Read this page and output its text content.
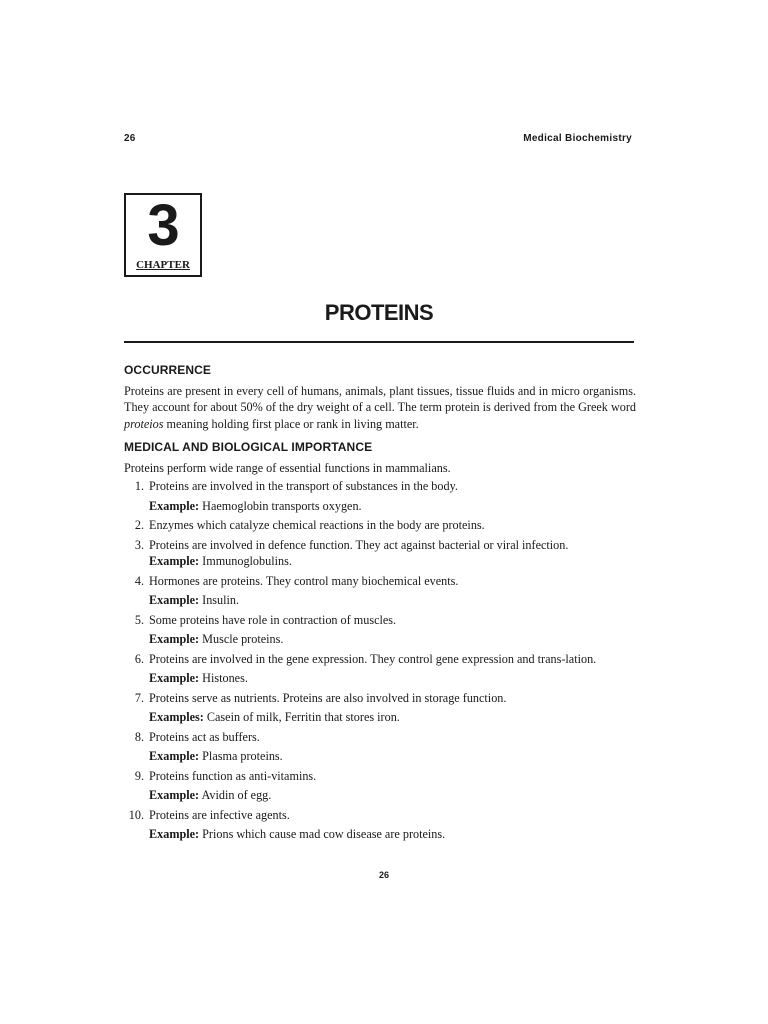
26	Medical Biochemistry
3
CHAPTER
PROTEINS
OCCURRENCE

Proteins are present in every cell of humans, animals, plant tissues, tissue fluids and in micro organisms. They account for about 50% of the dry weight of a cell. The term protein is derived from the Greek word proteios meaning holding first place or rank in living matter.

MEDICAL AND BIOLOGICAL IMPORTANCE

Proteins perform wide range of essential functions in mammalians.

1. Proteins are involved in the transport of substances in the body.
Example: Haemoglobin transports oxygen.
2. Enzymes which catalyze chemical reactions in the body are proteins.
3. Proteins are involved in defence function. They act against bacterial or viral infection.
Example: Immunoglobulins.
4. Hormones are proteins. They control many biochemical events.
Example: Insulin.
5. Some proteins have role in contraction of muscles.
Example: Muscle proteins.
6. Proteins are involved in the gene expression. They control gene expression and trans-lation.
Example: Histones.
7. Proteins serve as nutrients. Proteins are also involved in storage function.
Examples: Casein of milk, Ferritin that stores iron.
8. Proteins act as buffers.
Example: Plasma proteins.
9. Proteins function as anti-vitamins.
Example: Avidin of egg.
10. Proteins are infective agents.
Example: Prions which cause mad cow disease are proteins.
26
